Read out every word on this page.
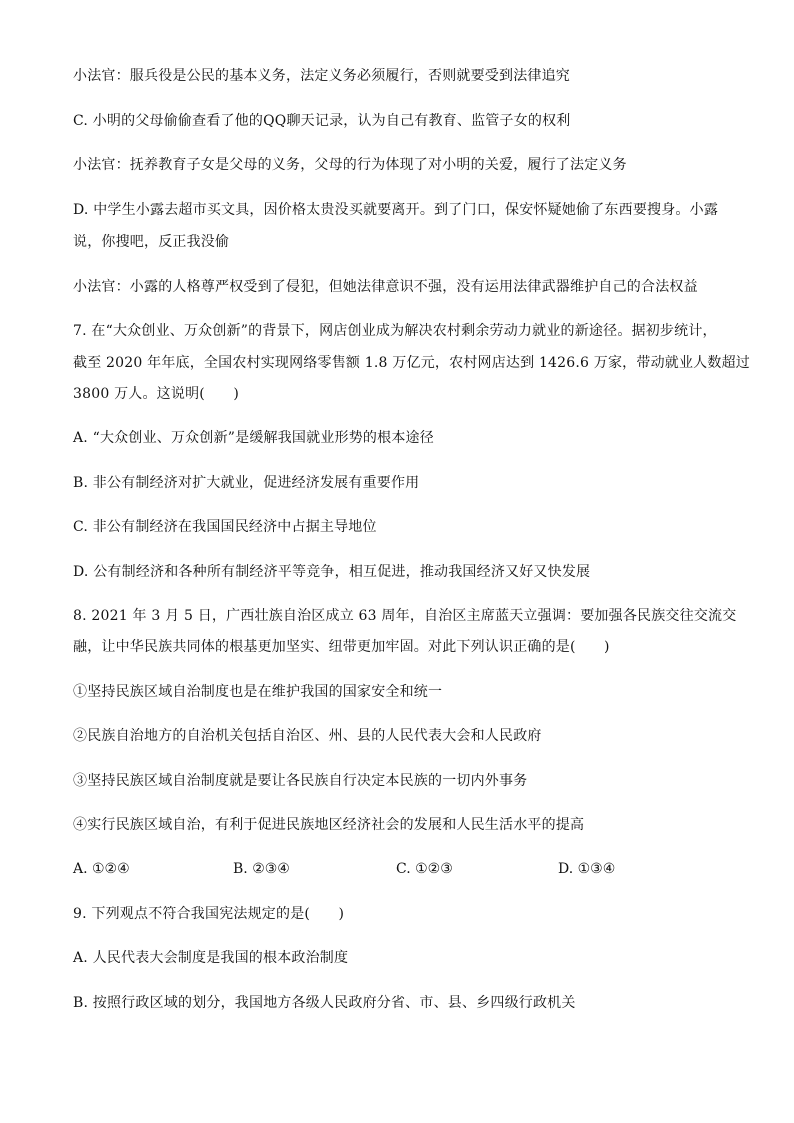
小法官：服兵役是公民的基本义务，法定义务必须履行，否则就要受到法律追究
C. 小明的父母偷偷查看了他的QQ聊天记录，认为自己有教育、监管子女的权利
小法官：抚养教育子女是父母的义务，父母的行为体现了对小明的关爱，履行了法定义务
D. 中学生小露去超市买文具，因价格太贵没买就要离开。到了门口，保安怀疑她偷了东西要搜身。小露
说，你搜吧，反正我没偷
小法官：小露的人格尊严权受到了侵犯，但她法律意识不强，没有运用法律武器维护自己的合法权益
7. 在“大众创业、万众创新”的背景下，网店创业成为解决农村剩余劳动力就业的新途径。据初步统计，
截至 2020 年年底，全国农村实现网络零售额 1.8 万亿元，农村网店达到 1426.6 万家，带动就业人数超过
3800 万人。这说明(　　)
A. “大众创业、万众创新”是缓解我国就业形势的根本途径
B. 非公有制经济对扩大就业，促进经济发展有重要作用
C. 非公有制经济在我国国民经济中占据主导地位
D. 公有制经济和各种所有制经济平等竞争，相互促进，推动我国经济又好又快发展
8. 2021 年 3 月 5 日，广西壮族自治区成立 63 周年，自治区主席蓝天立强调：要加强各民族交往交流交
融，让中华民族共同体的根基更加坚实、纽带更加牢固。对此下列认识正确的是(　　)
①坚持民族区域自治制度也是在维护我国的国家安全和统一
②民族自治地方的自治机关包括自治区、州、县的人民代表大会和人民政府
③坚持民族区域自治制度就是要让各民族自行决定本民族的一切内外事务
④实行民族区域自治，有利于促进民族地区经济社会的发展和人民生活水平的提高
A. ①②④	B. ②③④	C. ①②③	D. ①③④
9. 下列观点不符合我国宪法规定的是(　　)
A. 人民代表大会制度是我国的根本政治制度
B. 按照行政区域的划分，我国地方各级人民政府分省、市、县、乡四级行政机关
